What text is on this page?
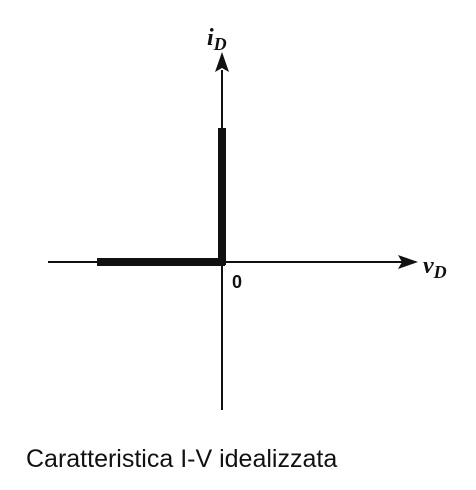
$i_D$
$v_D$
0
Caratteristica I-V idealizzata
